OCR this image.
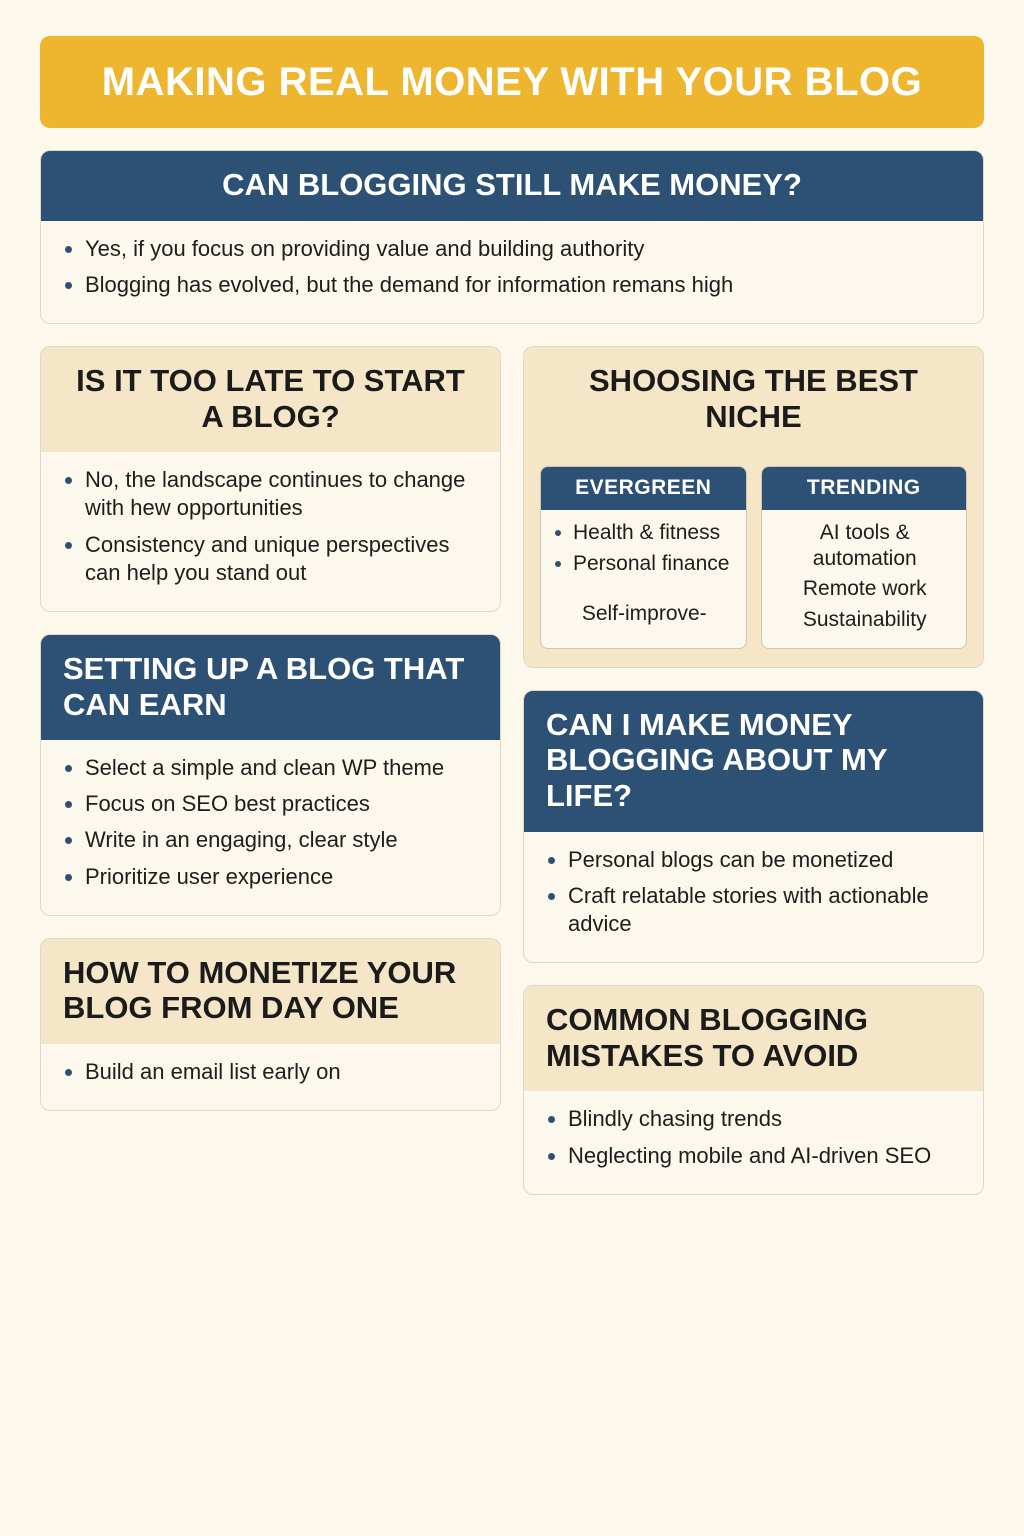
MAKING REAL MONEY WITH YOUR BLOG
CAN BLOGGING STILL MAKE MONEY?
Yes, if you focus on providing value and building authority
Blogging has evolved, but the demand for information remans high
IS IT TOO LATE TO START A BLOG?
No, the landscape continues to change with hew opportunities
Consistency and unique perspectives can help you stand out
SETTING UP A BLOG THAT CAN EARN
Select a simple and clean WP theme
Focus on SEO best practices
Write in an engaging, clear style
Prioritize user experience
HOW TO MONETIZE YOUR BLOG FROM DAY ONE
Build an email list early on
SHOOSING THE BEST NICHE
EVERGREEN
Health & fitness
Personal finance
Self-improve-
TRENDING
AI tools & automation
Remote work
Sustainability
CAN I MAKE MONEY BLOGGING ABOUT MY LIFE?
Personal blogs can be monetized
Craft relatable stories with actionable advice
COMMON BLOGGING MISTAKES TO AVOID
Blindly chasing trends
Neglecting mobile and AI-driven SEO
